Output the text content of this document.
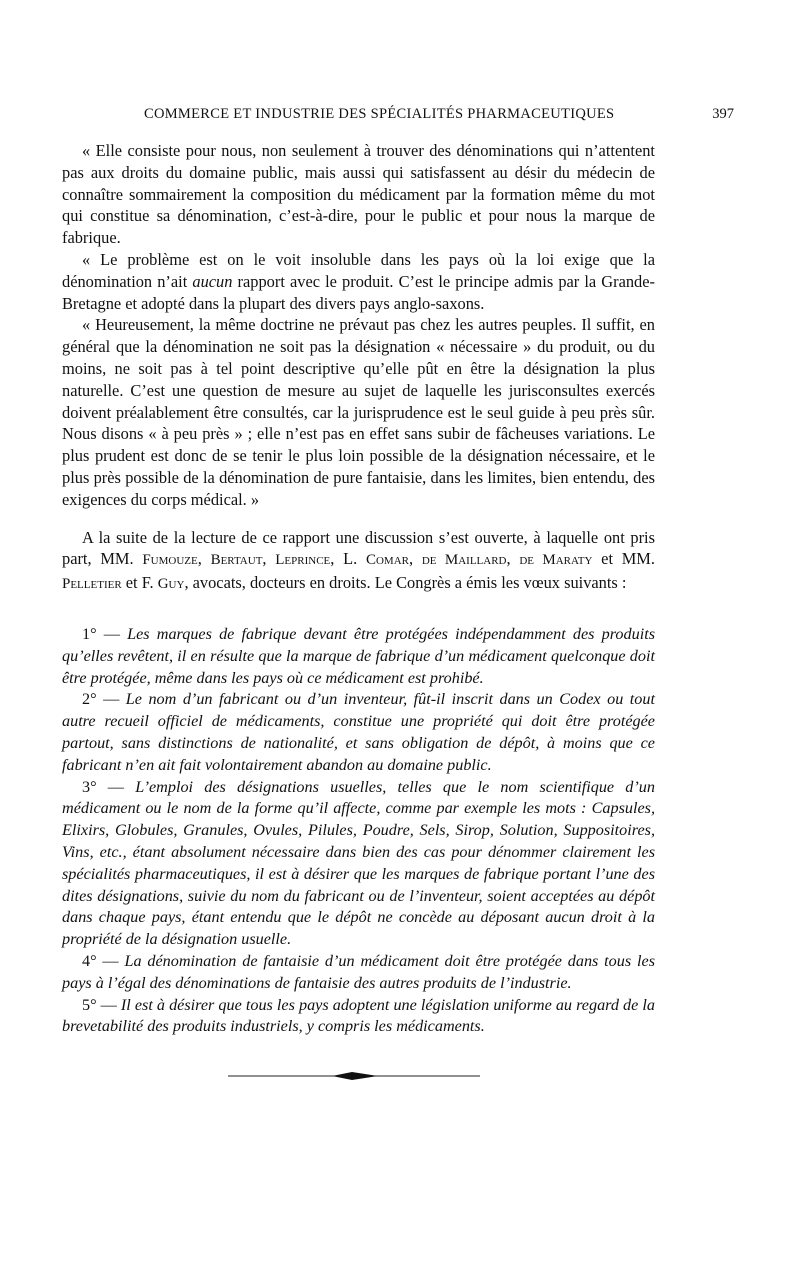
COMMERCE ET INDUSTRIE DES SPÉCIALITÉS PHARMACEUTIQUES	397

« Elle consiste pour nous, non seulement à trouver des dénominations qui n’attentent pas aux droits du domaine public, mais aussi qui satisfassent au désir du médecin de connaître sommairement la composition du médicament par la formation même du mot qui constitue sa dénomination, c’est-à-dire, pour le public et pour nous la marque de fabrique.

« Le problème est on le voit insoluble dans les pays où la loi exige que la dénomination n’ait aucun rapport avec le produit. C’est le principe admis par la Grande-Bretagne et adopté dans la plupart des divers pays anglo-saxons.

« Heureusement, la même doctrine ne prévaut pas chez les autres peuples. Il suffit, en général que la dénomination ne soit pas la désignation « nécessaire » du produit, ou du moins, ne soit pas à tel point descriptive qu’elle pût en être la désignation la plus naturelle. C’est une question de mesure au sujet de laquelle les jurisconsultes exercés doivent préalablement être consultés, car la jurisprudence est le seul guide à peu près sûr. Nous disons « à peu près » ; elle n’est pas en effet sans subir de fâcheuses variations. Le plus prudent est donc de se tenir le plus loin possible de la désignation nécessaire, et le plus près possible de la dénomination de pure fantaisie, dans les limites, bien entendu, des exigences du corps médical. »

A la suite de la lecture de ce rapport une discussion s’est ouverte, à laquelle ont pris part, MM. Fumouze, Bertaut, Leprince, L. Comar, de Maillard, de Maraty et MM. Pelletier et F. Guy, avocats, docteurs en droits. Le Congrès a émis les vœux suivants :

1° — Les marques de fabrique devant être protégées indépendamment des produits qu’elles revêtent, il en résulte que la marque de fabrique d’un médicament quelconque doit être protégée, même dans les pays où ce médicament est prohibé.

2° — Le nom d’un fabricant ou d’un inventeur, fût-il inscrit dans un Codex ou tout autre recueil officiel de médicaments, constitue une propriété qui doit être protégée partout, sans distinctions de nationalité, et sans obligation de dépôt, à moins que ce fabricant n’en ait fait volontairement abandon au domaine public.

3° — L’emploi des désignations usuelles, telles que le nom scientifique d’un médicament ou le nom de la forme qu’il affecte, comme par exemple les mots : Capsules, Elixirs, Globules, Granules, Ovules, Pilules, Poudre, Sels, Sirop, Solution, Suppositoires, Vins, etc., étant absolument nécessaire dans bien des cas pour dénommer clairement les spécialités pharmaceutiques, il est à désirer que les marques de fabrique portant l’une des dites désignations, suivie du nom du fabricant ou de l’inventeur, soient acceptées au dépôt dans chaque pays, étant entendu que le dépôt ne concède au déposant aucun droit à la propriété de la désignation usuelle.

4° — La dénomination de fantaisie d’un médicament doit être protégée dans tous les pays à l’égal des dénominations de fantaisie des autres produits de l’industrie.

5° — Il est à désirer que tous les pays adoptent une législation uniforme au regard de la brevetabilité des produits industriels, y compris les médicaments.
